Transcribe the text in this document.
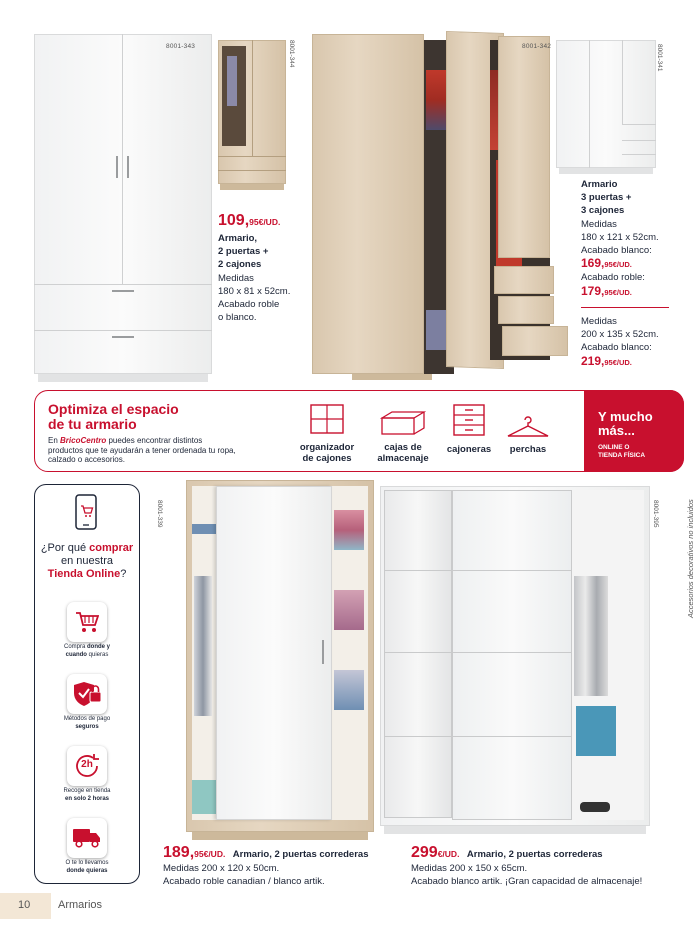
8001-343	8001-344
109,95€/UD.
Armario,
2 puertas +
2 cajones
Medidas
180 x 81 x 52cm.
Acabado roble
o blanco.
8001-342	8001-341
Armario
3 puertas +
3 cajones
Medidas
180 x 121 x 52cm.
Acabado blanco:
169,95€/UD.
Acabado roble:
179,95€/UD.
Medidas
200 x 135 x 52cm.
Acabado blanco:
219,95€/UD.
Optimiza el espacio
de tu armario
En BricoCentro puedes encontrar distintos
productos que te ayudarán a tener ordenada tu ropa,
calzado o accesorios.
organizador
de cajones
cajas de
almacenaje
cajoneras	perchas
Y mucho
más...
ONLINE O
TIENDA FÍSICA
Accesorios decorativos no incluidos
¿Por qué comprar
en nuestra
Tienda Online?
Compra donde y
cuando quieras
Métodos de pago
seguros
2h
Recoge en tienda
en solo 2 horas
O te lo llevamos
donde quieras
8001-339	8001-395
189,95€/UD. Armario, 2 puertas correderas
Medidas 200 x 120 x 50cm.
Acabado roble canadian / blanco artik.
299€/UD. Armario, 2 puertas correderas
Medidas 200 x 150 x 65cm.
Acabado blanco artik. ¡Gran capacidad de almacenaje!
10	Armarios
